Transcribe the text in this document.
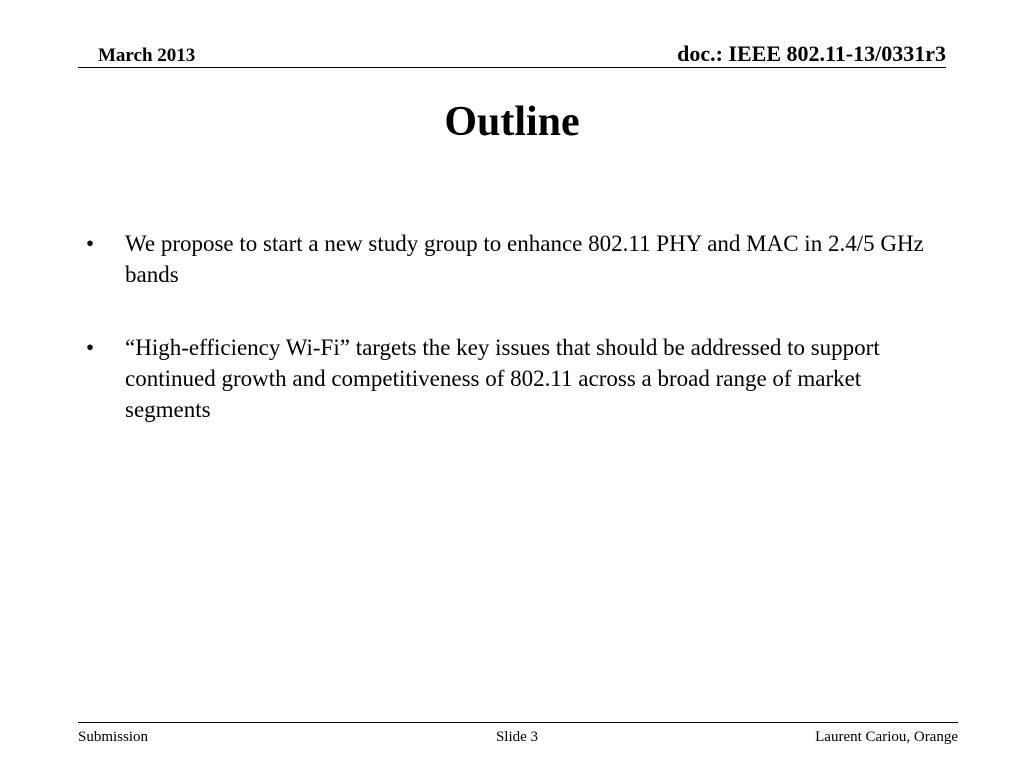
March 2013	doc.: IEEE 802.11-13/0331r3
Outline
•	We propose to start a new study group to enhance 802.11 PHY and MAC in 2.4/5 GHz bands
•	“High-efficiency Wi-Fi” targets the key issues that should be addressed to support continued growth and competitiveness of 802.11 across a broad range of market segments
Submission	Slide 3	Laurent Cariou, Orange
